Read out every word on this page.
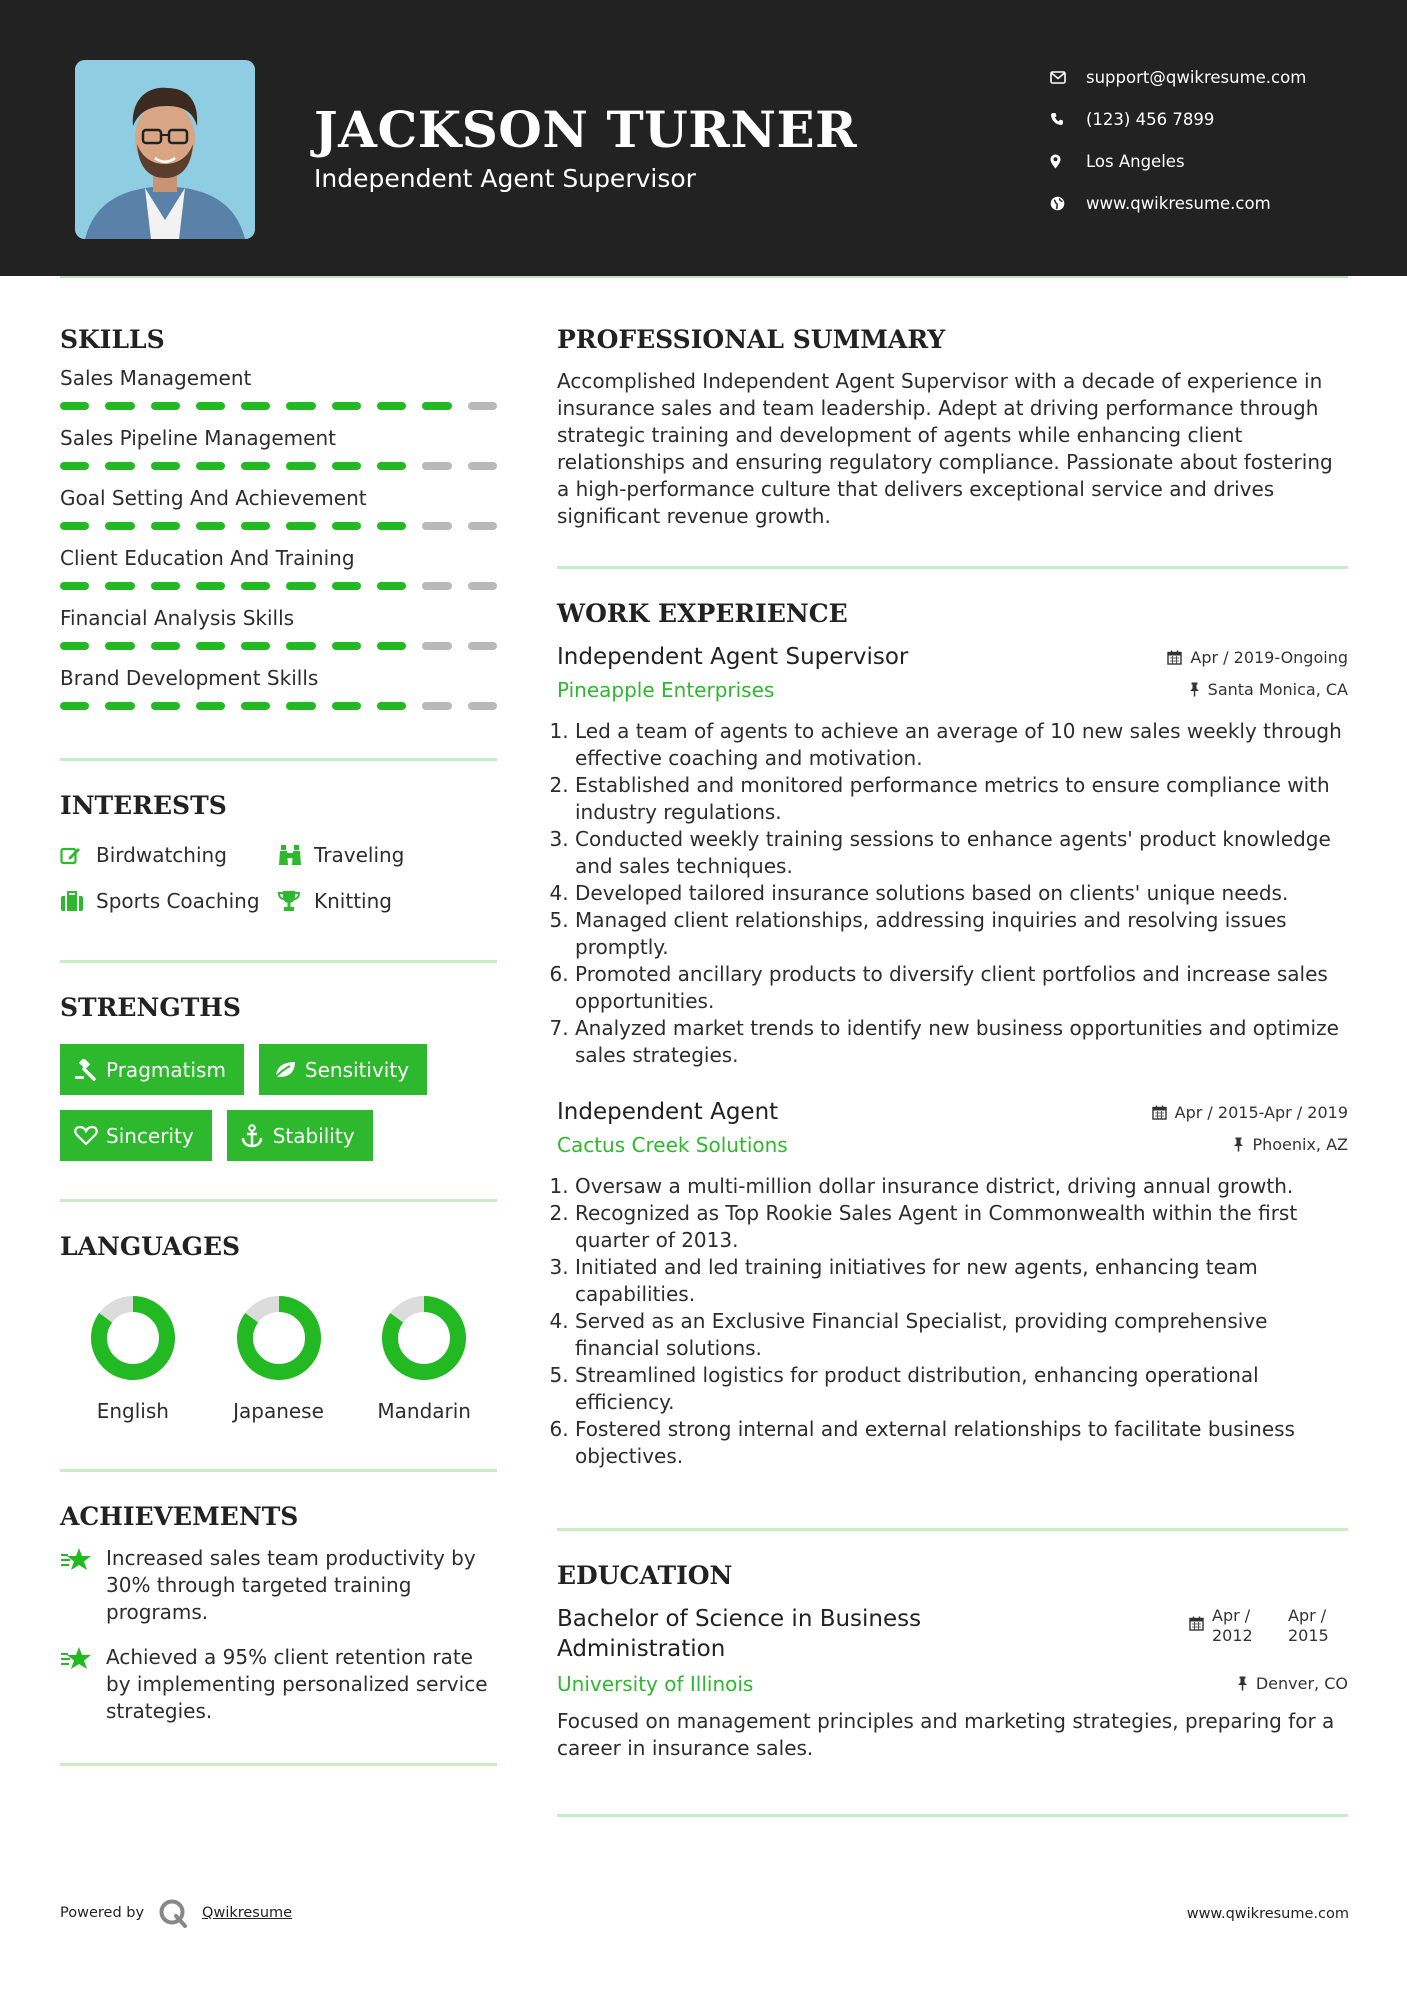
JACKSON TURNER
Independent Agent Supervisor
support@qwikresume.com
(123) 456 7899
Los Angeles
www.qwikresume.com
SKILLS
Sales Management
Sales Pipeline Management
Goal Setting And Achievement
Client Education And Training
Financial Analysis Skills
Brand Development Skills
INTERESTS
Birdwatching	Traveling
Sports Coaching	Knitting
STRENGTHS
Pragmatism	Sensitivity
Sincerity	Stability
LANGUAGES
English	Japanese	Mandarin
ACHIEVEMENTS
Increased sales team productivity by 30% through targeted training programs.
Achieved a 95% client retention rate by implementing personalized service strategies.
PROFESSIONAL SUMMARY
Accomplished Independent Agent Supervisor with a decade of experience in insurance sales and team leadership. Adept at driving performance through strategic training and development of agents while enhancing client relationships and ensuring regulatory compliance. Passionate about fostering a high-performance culture that delivers exceptional service and drives significant revenue growth.
WORK EXPERIENCE
Independent Agent Supervisor	Apr / 2019-Ongoing
Pineapple Enterprises	Santa Monica, CA
1. Led a team of agents to achieve an average of 10 new sales weekly through effective coaching and motivation.
2. Established and monitored performance metrics to ensure compliance with industry regulations.
3. Conducted weekly training sessions to enhance agents' product knowledge and sales techniques.
4. Developed tailored insurance solutions based on clients' unique needs.
5. Managed client relationships, addressing inquiries and resolving issues promptly.
6. Promoted ancillary products to diversify client portfolios and increase sales opportunities.
7. Analyzed market trends to identify new business opportunities and optimize sales strategies.
Independent Agent	Apr / 2015-Apr / 2019
Cactus Creek Solutions	Phoenix, AZ
1. Oversaw a multi-million dollar insurance district, driving annual growth.
2. Recognized as Top Rookie Sales Agent in Commonwealth within the first quarter of 2013.
3. Initiated and led training initiatives for new agents, enhancing team capabilities.
4. Served as an Exclusive Financial Specialist, providing comprehensive financial solutions.
5. Streamlined logistics for product distribution, enhancing operational efficiency.
6. Fostered strong internal and external relationships to facilitate business objectives.
EDUCATION
Bachelor of Science in Business Administration
Apr / 2012
Apr / 2015
University of Illinois	Denver, CO
Focused on management principles and marketing strategies, preparing for a career in insurance sales.
Powered by	Qwikresume	www.qwikresume.com
